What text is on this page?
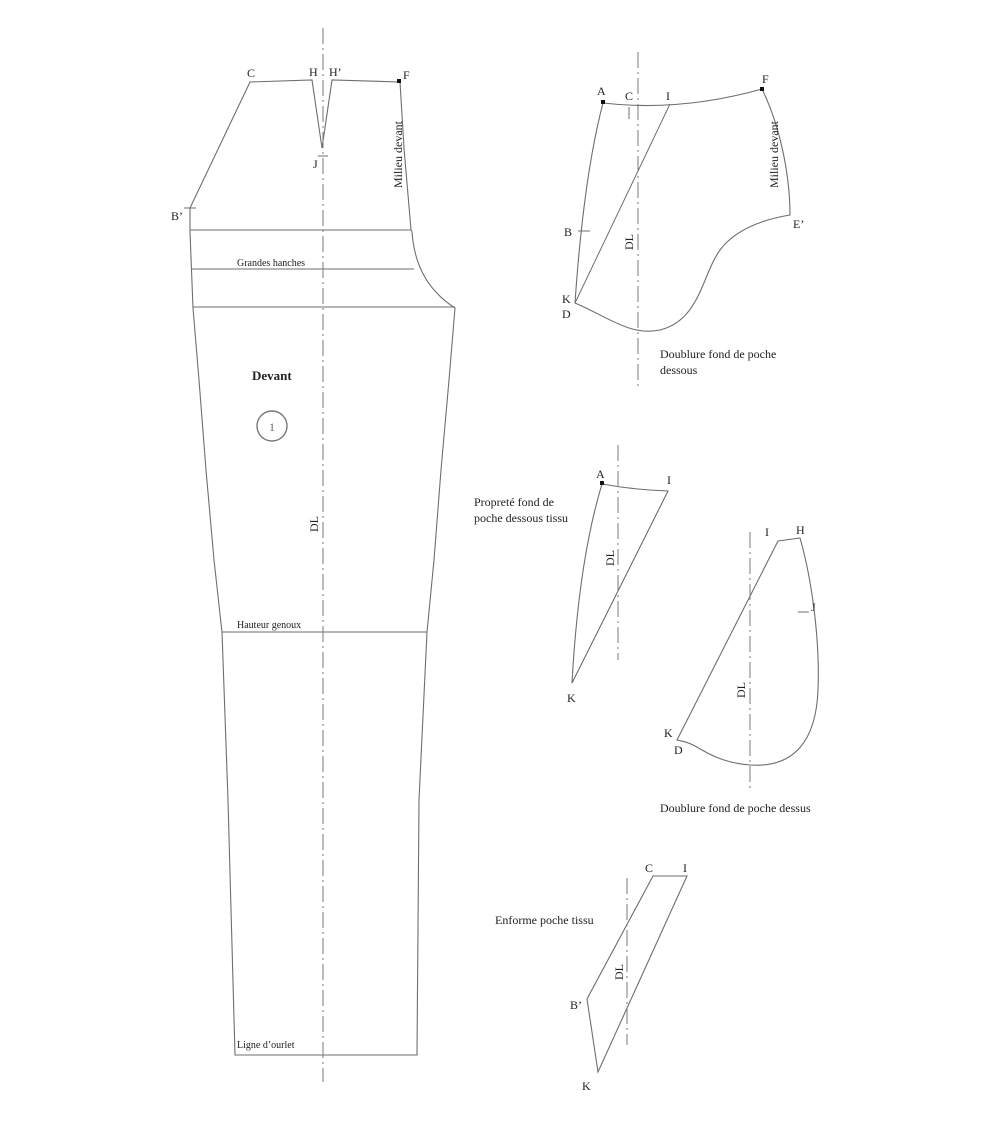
C	H H’	F
J
B’
Milieu devant
Grandes hanches
Devant
1
DL
Hauteur genoux
Ligne d’ourlet
A C	I
F
Milieu devant
B
DL
E’
K
D
Doublure fond de poche
dessous
A	I
Propreté fond de
poche dessous tissu
DL
K
I H
J
DL
K
D
Doublure fond de poche dessus
C I
Enforme poche tissu
DL
B’
K
